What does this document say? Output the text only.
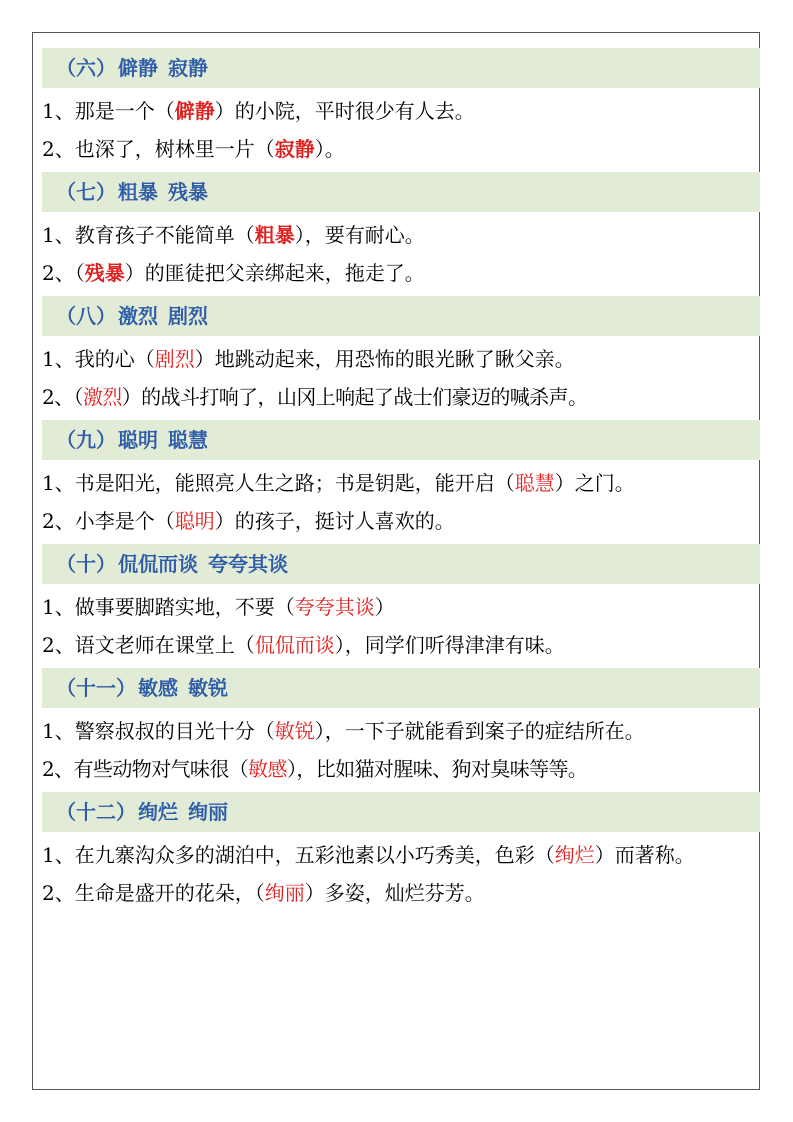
（六） 僻静 寂静
1、那是一个（僻静）的小院，平时很少有人去。
2、也深了，树林里一片（寂静）。
（七） 粗暴 残暴
1、教育孩子不能简单（粗暴），要有耐心。
2、（残暴）的匪徒把父亲绑起来，拖走了。
（八） 激烈 剧烈
1、我的心（剧烈）地跳动起来，用恐怖的眼光瞅了瞅父亲。
2、（激烈）的战斗打响了，山冈上响起了战士们豪迈的喊杀声。
（九） 聪明 聪慧
1、书是阳光，能照亮人生之路；书是钥匙，能开启（聪慧）之门。
2、小李是个（聪明）的孩子，挺讨人喜欢的。
（十） 侃侃而谈 夸夸其谈
1、做事要脚踏实地，不要（夸夸其谈）
2、语文老师在课堂上（侃侃而谈），同学们听得津津有味。
（十一） 敏感 敏锐
1、警察叔叔的目光十分（敏锐），一下子就能看到案子的症结所在。
2、有些动物对气味很（敏感），比如猫对腥味、狗对臭味等等。
（十二） 绚烂 绚丽
1、在九寨沟众多的湖泊中，五彩池素以小巧秀美，色彩（绚烂）而著称。
2、生命是盛开的花朵，（绚丽）多姿，灿烂芬芳。
